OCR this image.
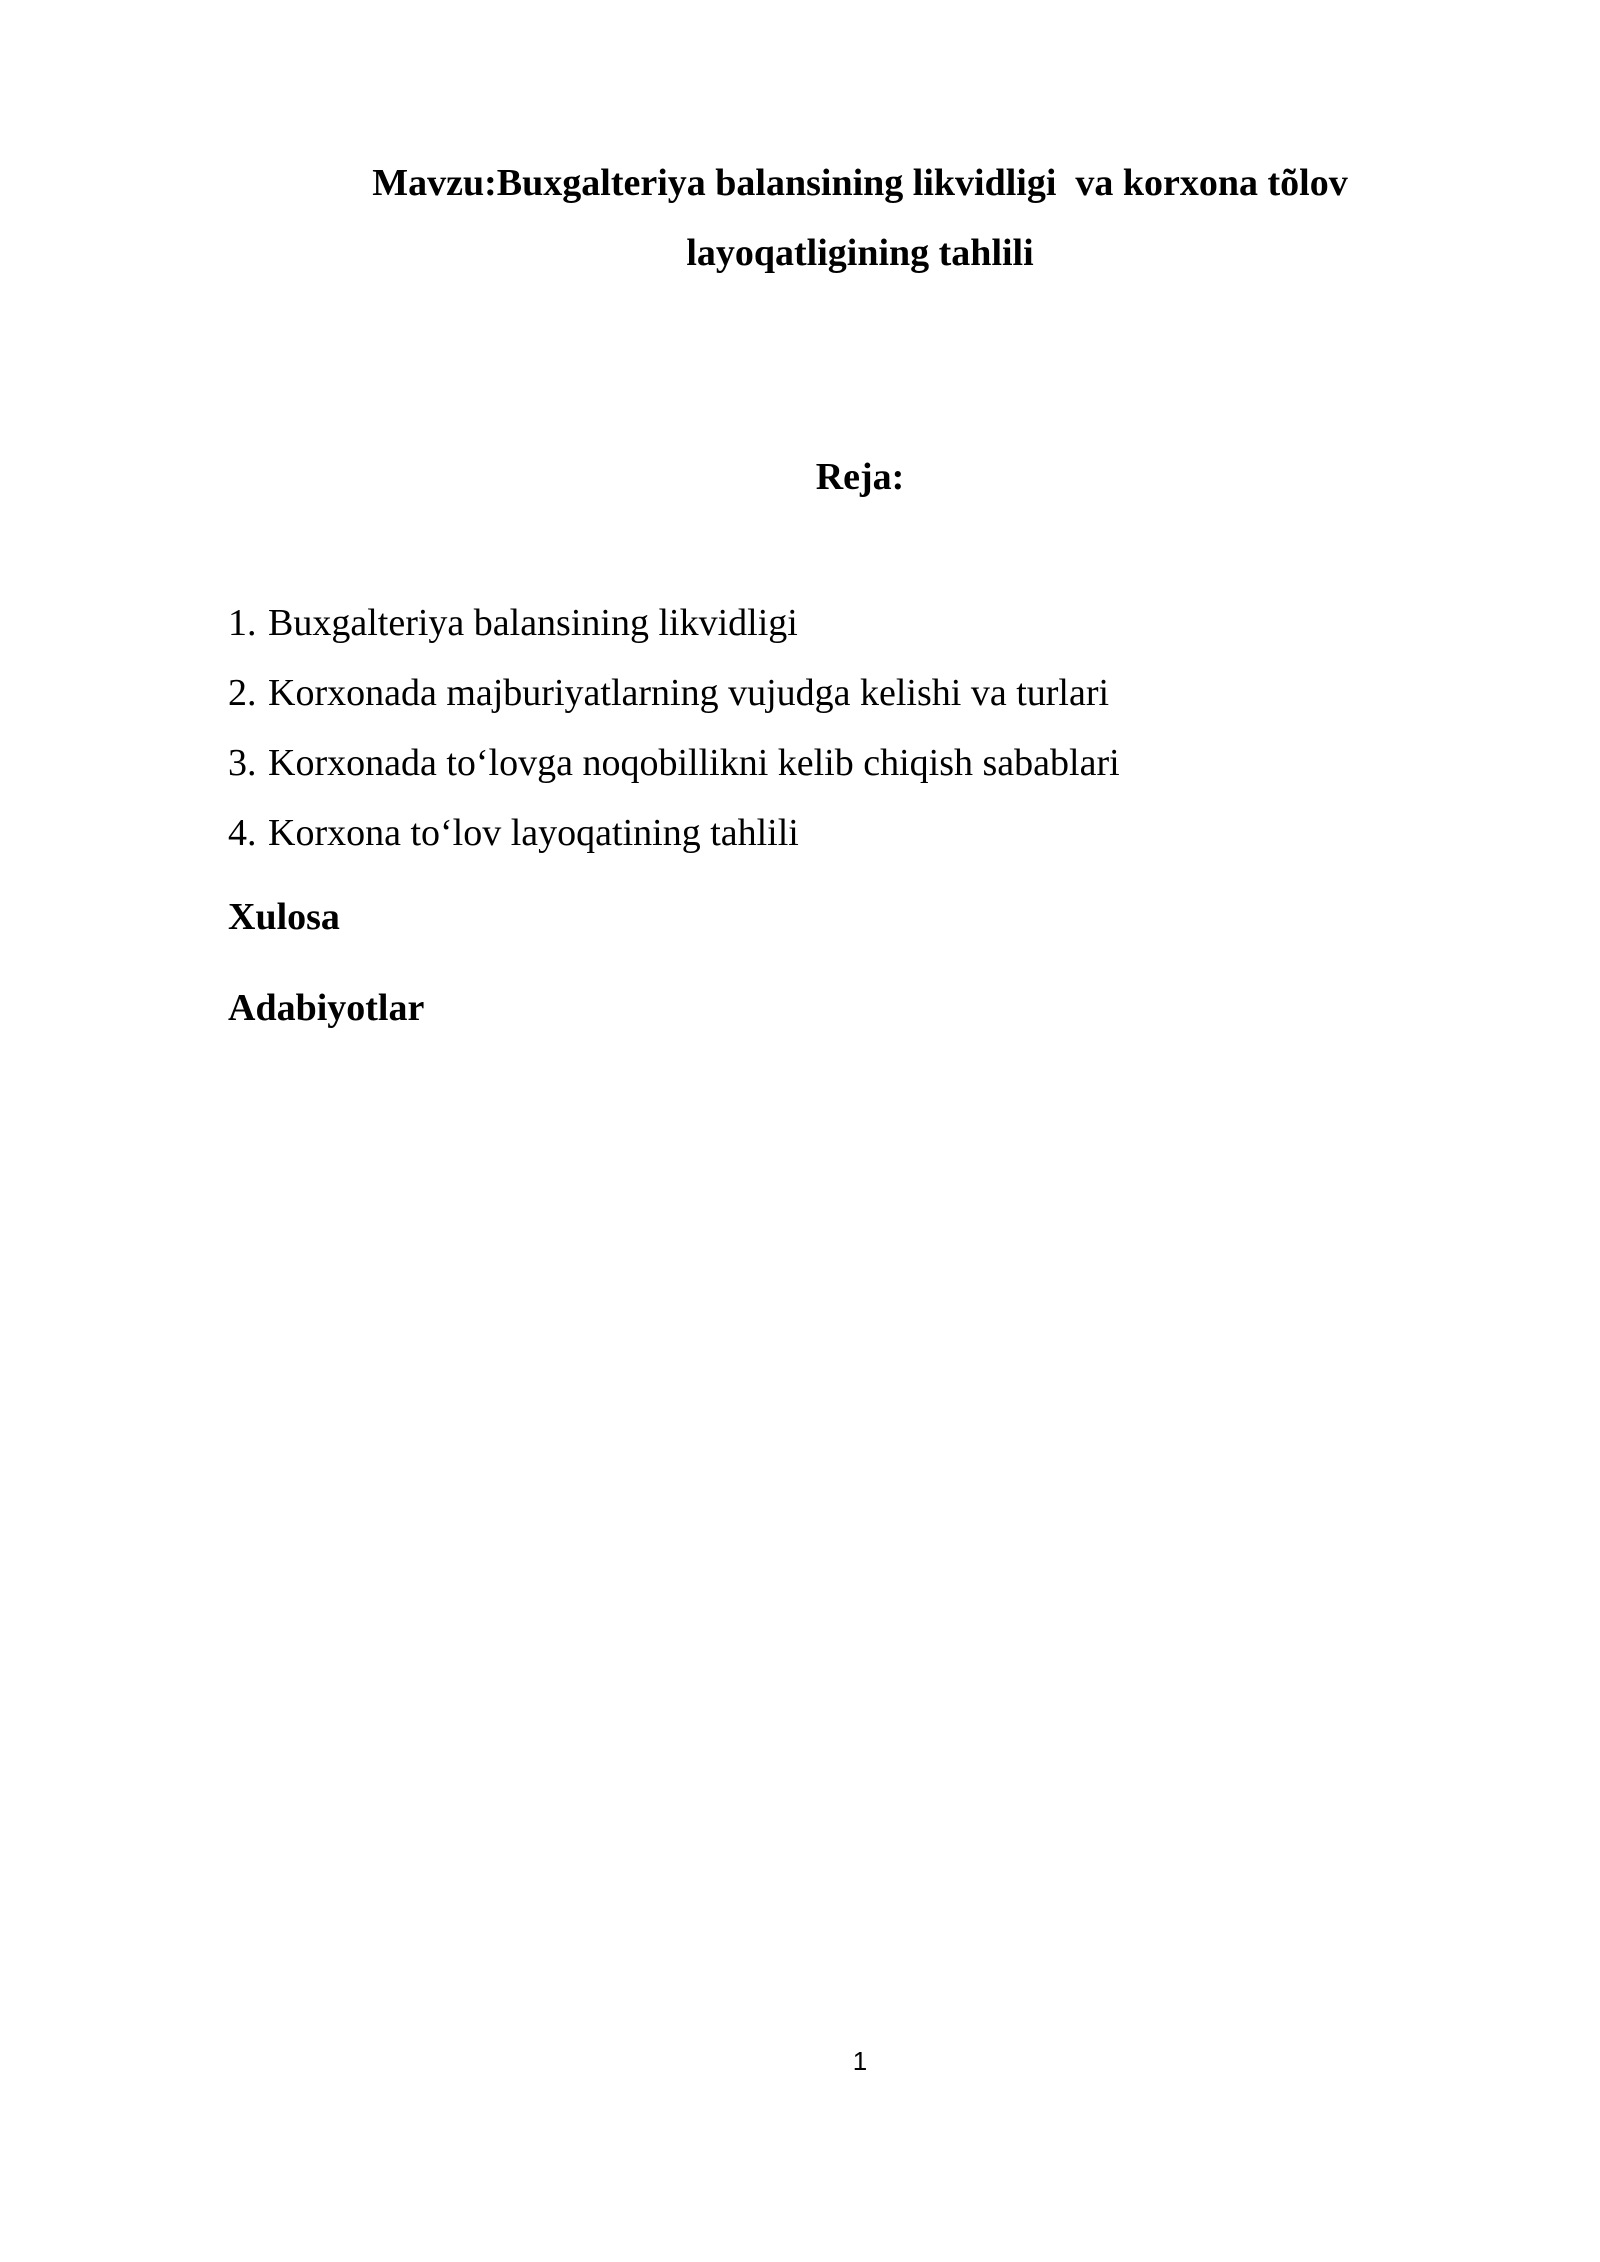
Mavzu:Buxgalteriya balansining likvidligi  va korxona tõlov
layoqatligining tahlili
Reja:
1. Buxgalteriya balansining likvidligi
2. Korxonada majburiyatlarning vujudga kelishi va turlari
3. Korxonada to‘lovga noqobillikni kelib chiqish sabablari
4. Korxona to‘lov layoqatining tahlili
Xulosa
Adabiyotlar
1
